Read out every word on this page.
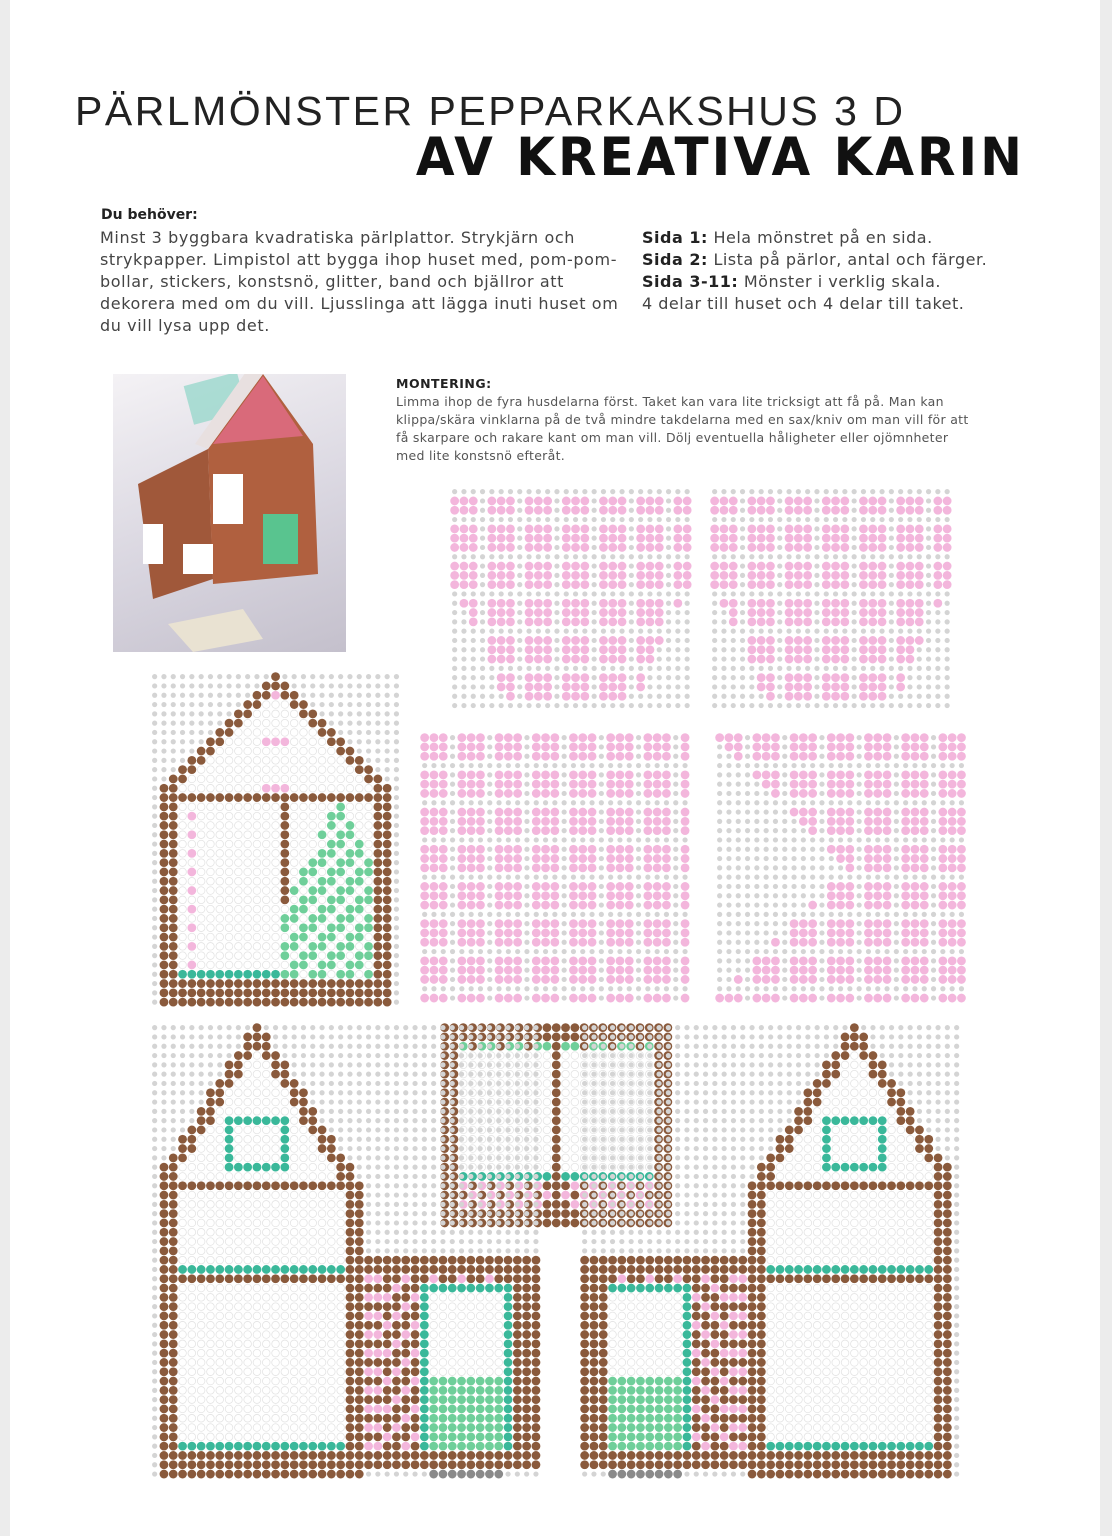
PÄRLMÖNSTER PEPPARKAKSHUS 3 D
AV KREATIVA KARIN
Du behöver:
Minst 3 byggbara kvadratiska pärlplattor. Strykjärn och strykpapper. Limpistol att bygga ihop huset med, pom-pom-bollar, stickers, konstsnö, glitter, band och bjällror att dekorera med om du vill. Ljusslinga att lägga inuti huset om du vill lysa upp det.
Sida 1: Hela mönstret på en sida.
Sida 2: Lista på pärlor, antal och färger.
Sida 3-11: Mönster i verklig skala.
4 delar till huset och 4 delar till taket.
MONTERING:
Limma ihop de fyra husdelarna först. Taket kan vara lite tricksigt att få på. Man kan klippa/skära vinklarna på de två mindre takdelarna med en sax/kniv om man vill för att få skarpare och rakare kant om man vill. Dölj eventuella håligheter eller ojömnheter med lite konstsnö efteråt.
